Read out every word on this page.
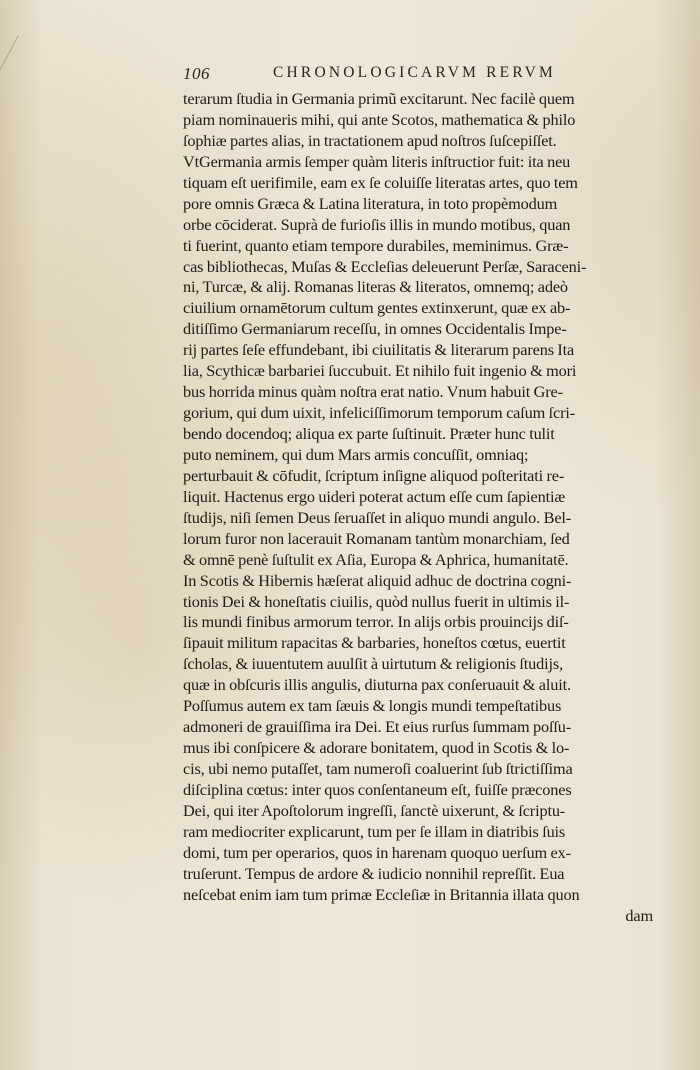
106	CHRONOLOGICARVM RERVM
terarum ſtudia in Germania primũ excitarunt. Nec facilè quem
piam nominaueris mihi, qui ante Scotos, mathematica & philo
ſophiæ partes alias, in tractationem apud noſtros ſuſcepiſſet.
VtGermania armis ſemper quàm literis inſtructior fuit: ita neu
tiquam eſt uerifimile, eam ex ſe coluiſſe literatas artes, quo tem
pore omnis Græca & Latina literatura, in toto propèmodum
orbe cōciderat. Suprà de furioſis illis in mundo motibus, quan
ti fuerint, quanto etiam tempore durabiles, meminimus. Græ-
cas bibliothecas, Muſas & Eccleſias deleuerunt Perſæ, Saraceni-
ni, Turcæ, & alij. Romanas literas & literatos, omnemq; adeò
ciuilium ornamētorum cultum gentes extinxerunt, quæ ex ab-
ditiſſimo Germaniarum receſſu, in omnes Occidentalis Impe-
rij partes ſeſe effundebant, ibi ciuilitatis & literarum parens Ita
lia, Scythicæ barbariei ſuccubuit. Et nihilo fuit ingenio & mori
bus horrida minus quàm noſtra erat natio. Vnum habuit Gre-
gorium, qui dum uixit, infeliciſſimorum temporum caſum ſcri-
bendo docendoq; aliqua ex parte ſuſtinuit. Præter hunc tulit
puto neminem, qui dum Mars armis concuſſit, omniaq;
perturbauit & cōfudit, ſcriptum inſigne aliquod poſteritati re-
liquit. Hactenus ergo uideri poterat actum eſſe cum ſapientiæ
ſtudijs, niſi ſemen Deus ſeruaſſet in aliquo mundi angulo. Bel-
lorum furor non lacerauit Romanam tantùm monarchiam, ſed
& omnē penè ſuſtulit ex Aſia, Europa & Aphrica, humanitatē.
In Scotis & Hibernis hæſerat aliquid adhuc de doctrina cogni-
tionis Dei & honeſtatis ciuilis, quòd nullus fuerit in ultimis il-
lis mundi finibus armorum terror. In alijs orbis prouincijs diſ-
ſipauit militum rapacitas & barbaries, honeſtos cœtus, euertit
ſcholas, & iuuentutem auulſit à uirtutum & religionis ſtudijs,
quæ in obſcuris illis angulis, diuturna pax conſeruauit & aluit.
Poſſumus autem ex tam ſæuis & longis mundi tempeſtatibus
admoneri de grauiſſima ira Dei. Et eius rurſus ſummam poſſu-
mus ibi conſpicere & adorare bonitatem, quod in Scotis & lo-
cis, ubi nemo putaſſet, tam numeroſi coaluerint ſub ſtrictiſſima
diſciplina cœtus: inter quos conſentaneum eſt, fuiſſe præcones
Dei, qui iter Apoſtolorum ingreſſi, ſanctè uixerunt, & ſcriptu-
ram mediocriter explicarunt, tum per ſe illam in diatribis ſuis
domi, tum per operarios, quos in harenam quoquo uerſum ex-
truſerunt. Tempus de ardore & iudicio nonnihil repreſſit. Eua
neſcebat enim iam tum primæ Eccleſiæ in Britannia illata quon
dam
